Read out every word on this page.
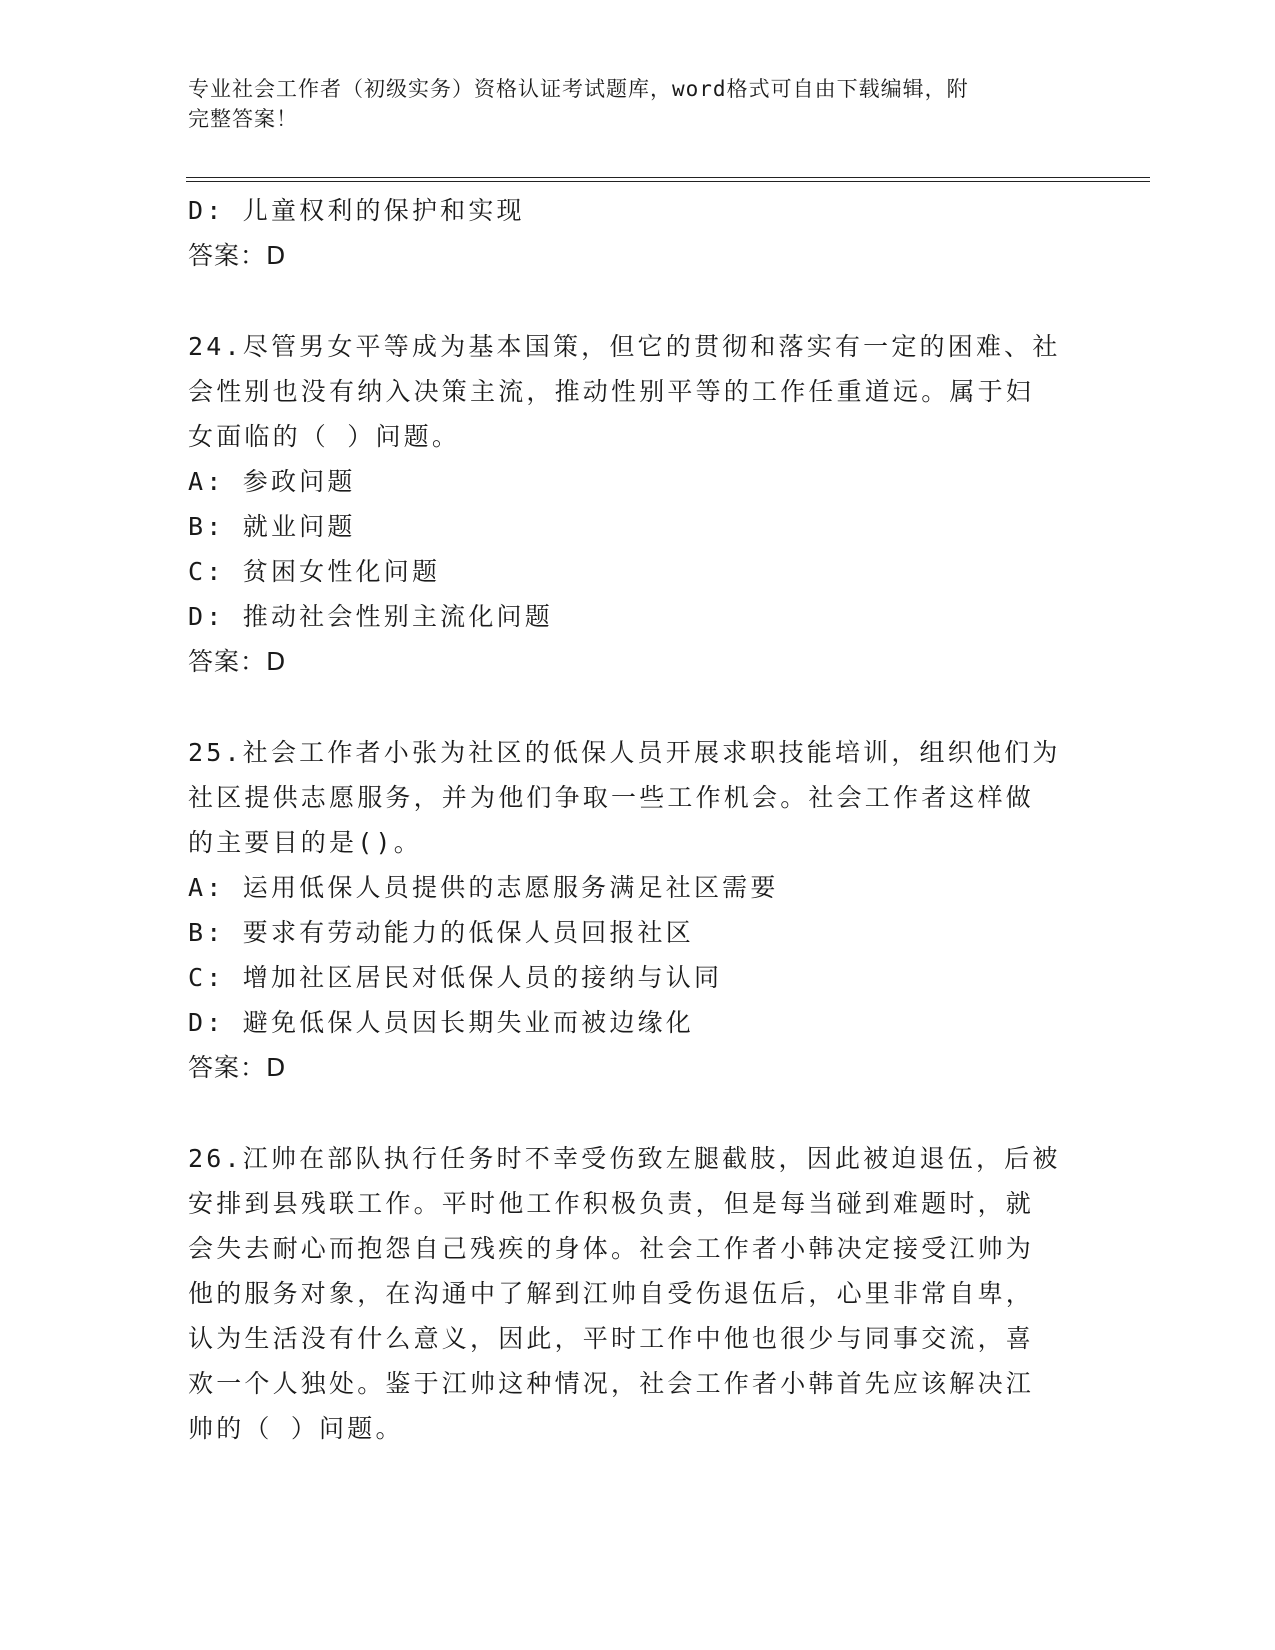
专业社会工作者（初级实务）资格认证考试题库，word格式可自由下载编辑，附
完整答案！
D: 儿童权利的保护和实现
答案：D
24.尽管男女平等成为基本国策，但它的贯彻和落实有一定的困难、社
会性别也没有纳入决策主流，推动性别平等的工作任重道远。属于妇
女面临的（ ）问题。
A: 参政问题
B: 就业问题
C: 贫困女性化问题
D: 推动社会性别主流化问题
答案：D
25.社会工作者小张为社区的低保人员开展求职技能培训，组织他们为
社区提供志愿服务，并为他们争取一些工作机会。社会工作者这样做
的主要目的是()。
A: 运用低保人员提供的志愿服务满足社区需要
B: 要求有劳动能力的低保人员回报社区
C: 增加社区居民对低保人员的接纳与认同
D: 避免低保人员因长期失业而被边缘化
答案：D
26.江帅在部队执行任务时不幸受伤致左腿截肢，因此被迫退伍，后被
安排到县残联工作。平时他工作积极负责，但是每当碰到难题时，就
会失去耐心而抱怨自己残疾的身体。社会工作者小韩决定接受江帅为
他的服务对象，在沟通中了解到江帅自受伤退伍后，心里非常自卑，
认为生活没有什么意义，因此，平时工作中他也很少与同事交流，喜
欢一个人独处。鉴于江帅这种情况，社会工作者小韩首先应该解决江
帅的（ ）问题。
